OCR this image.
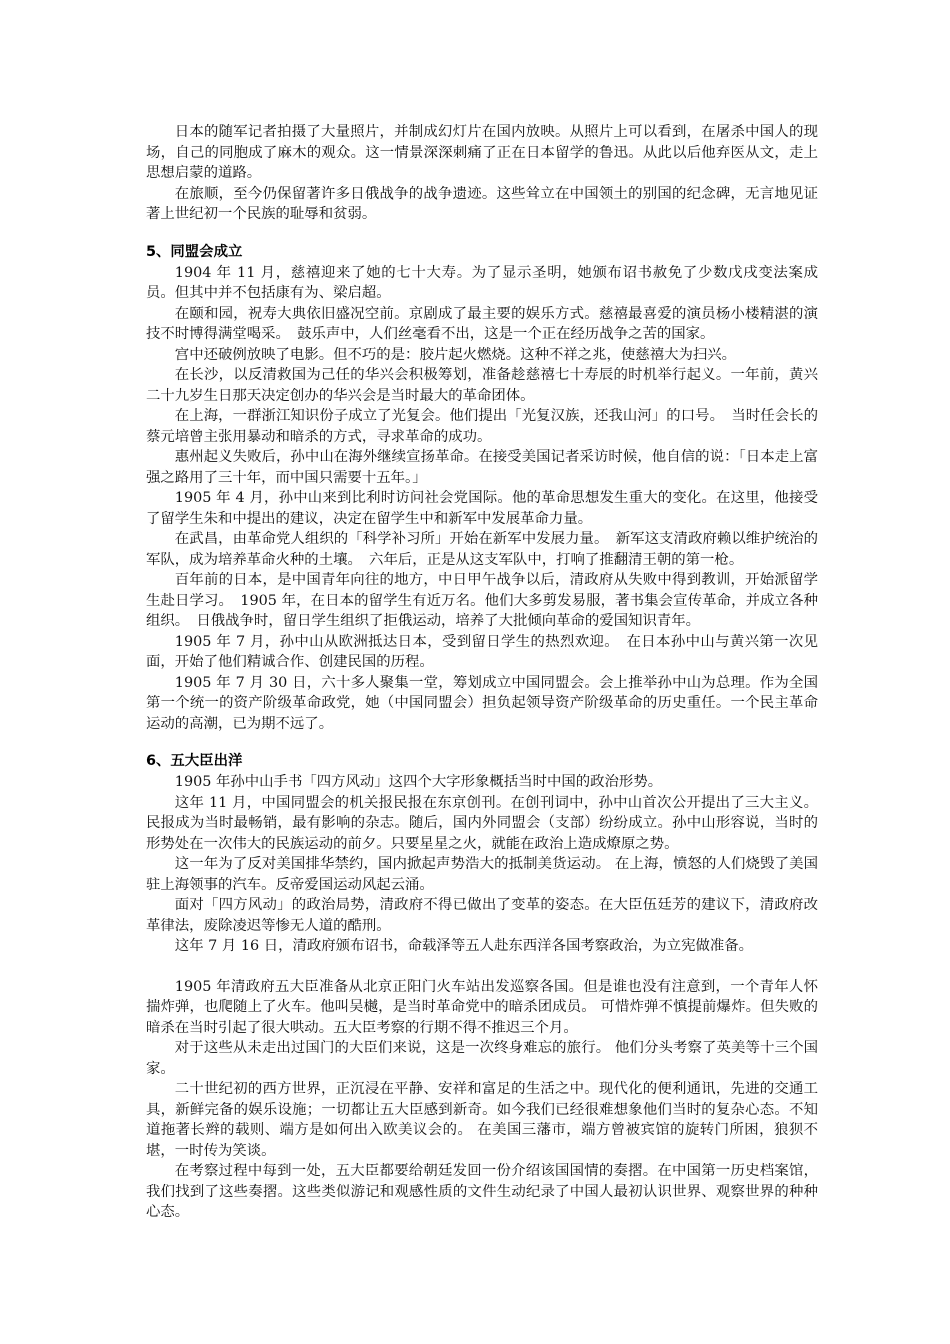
日本的随军记者拍摄了大量照片，并制成幻灯片在国内放映。从照片上可以看到，在屠杀中国人的现场，自己的同胞成了麻木的观众。这一情景深深刺痛了正在日本留学的鲁迅。从此以后他弃医从文，走上思想启蒙的道路。

在旅顺，至今仍保留著许多日俄战争的战争遗迹。这些耸立在中国领土的别国的纪念碑，无言地见证著上世纪初一个民族的耻辱和贫弱。

5、同盟会成立

1904 年 11 月，慈禧迎来了她的七十大寿。为了显示圣明，她颁布诏书赦免了少数戊戌变法案成员。但其中并不包括康有为、梁启超。

在颐和园，祝寿大典依旧盛况空前。京剧成了最主要的娱乐方式。慈禧最喜爱的演员杨小楼精湛的演技不时博得满堂喝采。　鼓乐声中，人们丝毫看不出，这是一个正在经历战争之苦的国家。

宫中还破例放映了电影。但不巧的是：胶片起火燃烧。这种不祥之兆，使慈禧大为扫兴。

在长沙，以反清救国为己任的华兴会积极筹划，准备趁慈禧七十寿辰的时机举行起义。一年前，黄兴二十九岁生日那天决定创办的华兴会是当时最大的革命团体。

在上海，一群浙江知识份子成立了光复会。他们提出「光复汉族，还我山河」的口号。　当时任会长的蔡元培曾主张用暴动和暗杀的方式，寻求革命的成功。

惠州起义失败后，孙中山在海外继续宣扬革命。在接受美国记者采访时候，他自信的说：「日本走上富强之路用了三十年，而中国只需要十五年。」

1905 年 4 月，孙中山来到比利时访问社会党国际。他的革命思想发生重大的变化。在这里，他接受了留学生朱和中提出的建议，决定在留学生中和新军中发展革命力量。

在武昌，由革命党人组织的「科学补习所」开始在新军中发展力量。　新军这支清政府赖以维护统治的军队，成为培养革命火种的土壤。　六年后，正是从这支军队中，打响了推翻清王朝的第一枪。

百年前的日本，是中国青年向往的地方，中日甲午战争以后，清政府从失败中得到教训，开始派留学生赴日学习。　1905 年，在日本的留学生有近万名。他们大多剪发易服，著书集会宣传革命，并成立各种组织。　日俄战争时，留日学生组织了拒俄运动，培养了大批倾向革命的爱国知识青年。

1905 年 7 月，孙中山从欧洲抵达日本，受到留日学生的热烈欢迎。　在日本孙中山与黄兴第一次见面，开始了他们精诚合作、创建民国的历程。

1905 年 7 月 30 日，六十多人聚集一堂，筹划成立中国同盟会。会上推举孙中山为总理。作为全国第一个统一的资产阶级革命政党，她（中国同盟会）担负起领导资产阶级革命的历史重任。一个民主革命运动的高潮，已为期不远了。

6、五大臣出洋

1905 年孙中山手书「四方风动」这四个大字形象概括当时中国的政治形势。

这年 11 月，中国同盟会的机关报民报在东京创刊。在创刊词中，孙中山首次公开提出了三大主义。民报成为当时最畅销，最有影响的杂志。随后，国内外同盟会（支部）纷纷成立。孙中山形容说，当时的形势处在一次伟大的民族运动的前夕。只要星星之火，就能在政治上造成燎原之势。

这一年为了反对美国排华禁约，国内掀起声势浩大的抵制美货运动。 在上海，愤怒的人们烧毁了美国驻上海领事的汽车。反帝爱国运动风起云涌。

面对「四方风动」的政治局势，清政府不得已做出了变革的姿态。在大臣伍廷芳的建议下，清政府改革律法，废除凌迟等惨无人道的酷刑。

这年 7 月 16 日，清政府颁布诏书，命载泽等五人赴东西洋各国考察政治，为立宪做准备。

1905 年清政府五大臣准备从北京正阳门火车站出发巡察各国。但是谁也没有注意到，一个青年人怀揣炸弹，也爬随上了火车。他叫吴樾，是当时革命党中的暗杀团成员。 可惜炸弹不慎提前爆炸。但失败的暗杀在当时引起了很大哄动。五大臣考察的行期不得不推迟三个月。

对于这些从未走出过国门的大臣们来说，这是一次终身难忘的旅行。 他们分头考察了英美等十三个国家。

二十世纪初的西方世界，正沉浸在平静、安祥和富足的生活之中。现代化的便利通讯，先进的交通工具，新鲜完备的娱乐设施；一切都让五大臣感到新奇。如今我们已经很难想象他们当时的复杂心态。不知道拖著长辫的载则、端方是如何出入欧美议会的。 在美国三藩市，端方曾被宾馆的旋转门所困，狼狈不堪，一时传为笑谈。

在考察过程中每到一处，五大臣都要给朝廷发回一份介绍该国国情的奏摺。在中国第一历史档案馆，我们找到了这些奏摺。这些类似游记和观感性质的文件生动纪录了中国人最初认识世界、观察世界的种种心态。
